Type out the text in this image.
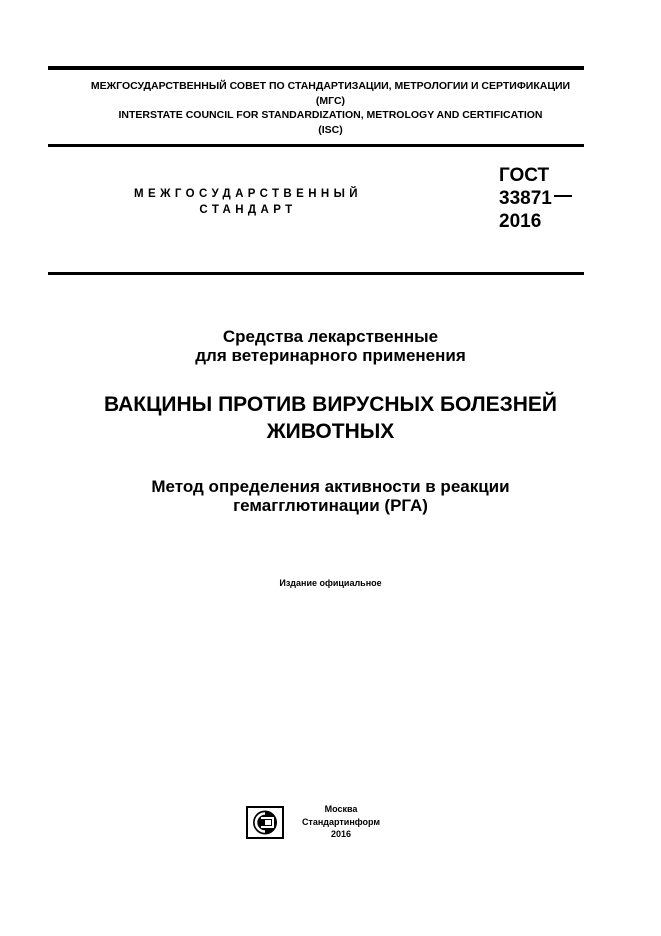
МЕЖГОСУДАРСТВЕННЫЙ СОВЕТ ПО СТАНДАРТИЗАЦИИ, МЕТРОЛОГИИ И СЕРТИФИКАЦИИ
(МГС)
INTERSTATE COUNCIL FOR STANDARDIZATION, METROLOGY AND CERTIFICATION
(ISC)
МЕЖГОСУДАРСТВЕННЫЙ
СТАНДАРТ
ГОСТ
33871
2016
Средства лекарственные
для ветеринарного применения
ВАКЦИНЫ ПРОТИВ ВИРУСНЫХ БОЛЕЗНЕЙ
ЖИВОТНЫХ
Метод определения активности в реакции
гемагглютинации (РГА)
Издание официальное
Москва
Стандартинформ
2016
